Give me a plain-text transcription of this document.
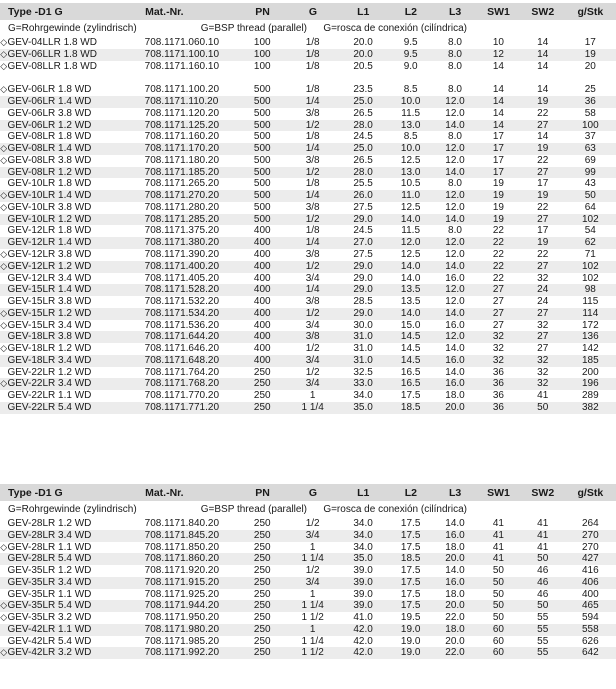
Type -D1 G	Mat.-Nr.	PN	G	L1	L2	L3	SW1	SW2	g/Stk
G=Rohrgewinde (zylindrisch)	G=BSP thread (parallel)	G=rosca de conexión (cilíndrica)
◇ GEV-04LLR 1.8 WD	708.1171.060.10	100	1/8	20.0	9.5	8.0	10	14	17
◇ GEV-06LLR 1.8 WD	708.1171.100.10	100	1/8	20.0	9.5	8.0	12	14	19
◇ GEV-08LLR 1.8 WD	708.1171.160.10	100	1/8	20.5	9.0	8.0	14	14	20
◇ GEV-06LR 1.8 WD	708.1171.100.20	500	1/8	23.5	8.5	8.0	14	14	25
GEV-06LR 1.4 WD	708.1171.110.20	500	1/4	25.0	10.0	12.0	14	19	36
GEV-06LR 3.8 WD	708.1171.120.20	500	3/8	26.5	11.5	12.0	14	22	58
GEV-06LR 1.2 WD	708.1171.125.20	500	1/2	28.0	13.0	14.0	14	27	100
GEV-08LR 1.8 WD	708.1171.160.20	500	1/8	24.5	8.5	8.0	17	14	37
◇ GEV-08LR 1.4 WD	708.1171.170.20	500	1/4	25.0	10.0	12.0	17	19	63
◇ GEV-08LR 3.8 WD	708.1171.180.20	500	3/8	26.5	12.5	12.0	17	22	69
GEV-08LR 1.2 WD	708.1171.185.20	500	1/2	28.0	13.0	14.0	17	27	99
GEV-10LR 1.8 WD	708.1171.265.20	500	1/8	25.5	10.5	8.0	19	17	43
◇ GEV-10LR 1.4 WD	708.1171.270.20	500	1/4	26.0	11.0	12.0	19	19	50
◇ GEV-10LR 3.8 WD	708.1171.280.20	500	3/8	27.5	12.5	12.0	19	22	64
GEV-10LR 1.2 WD	708.1171.285.20	500	1/2	29.0	14.0	14.0	19	27	102
GEV-12LR 1.8 WD	708.1171.375.20	400	1/8	24.5	11.5	8.0	22	17	54
GEV-12LR 1.4 WD	708.1171.380.20	400	1/4	27.0	12.0	12.0	22	19	62
◇ GEV-12LR 3.8 WD	708.1171.390.20	400	3/8	27.5	12.5	12.0	22	22	71
◇ GEV-12LR 1.2 WD	708.1171.400.20	400	1/2	29.0	14.0	14.0	22	27	102
GEV-12LR 3.4 WD	708.1171.405.20	400	3/4	29.0	14.0	16.0	22	32	102
GEV-15LR 1.4 WD	708.1171.528.20	400	1/4	29.0	13.5	12.0	27	24	98
GEV-15LR 3.8 WD	708.1171.532.20	400	3/8	28.5	13.5	12.0	27	24	115
◇ GEV-15LR 1.2 WD	708.1171.534.20	400	1/2	29.0	14.0	14.0	27	27	114
◇ GEV-15LR 3.4 WD	708.1171.536.20	400	3/4	30.0	15.0	16.0	27	32	172
GEV-18LR 3.8 WD	708.1171.644.20	400	3/8	31.0	14.5	12.0	32	27	136
◇ GEV-18LR 1.2 WD	708.1171.646.20	400	1/2	31.0	14.5	14.0	32	27	142
GEV-18LR 3.4 WD	708.1171.648.20	400	3/4	31.0	14.5	16.0	32	32	185
GEV-22LR 1.2 WD	708.1171.764.20	250	1/2	32.5	16.5	14.0	36	32	200
◇ GEV-22LR 3.4 WD	708.1171.768.20	250	3/4	33.0	16.5	16.0	36	32	196
GEV-22LR 1.1 WD	708.1171.770.20	250	1	34.0	17.5	18.0	36	41	289
GEV-22LR 5.4 WD	708.1171.771.20	250	1 1/4	35.0	18.5	20.0	36	50	382
Type -D1 G	Mat.-Nr.	PN	G	L1	L2	L3	SW1	SW2	g/Stk
G=Rohrgewinde (zylindrisch)	G=BSP thread (parallel)	G=rosca de conexión (cilíndrica)
GEV-28LR 1.2 WD	708.1171.840.20	250	1/2	34.0	17.5	14.0	41	41	264
GEV-28LR 3.4 WD	708.1171.845.20	250	3/4	34.0	17.5	16.0	41	41	270
◇ GEV-28LR 1.1 WD	708.1171.850.20	250	1	34.0	17.5	18.0	41	41	270
GEV-28LR 5.4 WD	708.1171.860.20	250	1 1/4	35.0	18.5	20.0	41	50	427
GEV-35LR 1.2 WD	708.1171.920.20	250	1/2	39.0	17.5	14.0	50	46	416
GEV-35LR 3.4 WD	708.1171.915.20	250	3/4	39.0	17.5	16.0	50	46	406
GEV-35LR 1.1 WD	708.1171.925.20	250	1	39.0	17.5	18.0	50	46	400
◇ GEV-35LR 5.4 WD	708.1171.944.20	250	1 1/4	39.0	17.5	20.0	50	50	465
◇ GEV-35LR 3.2 WD	708.1171.950.20	250	1 1/2	41.0	19.5	22.0	50	55	594
GEV-42LR 1.1 WD	708.1171.980.20	250	1	42.0	19.0	18.0	60	55	558
GEV-42LR 5.4 WD	708.1171.985.20	250	1 1/4	42.0	19.0	20.0	60	55	626
◇ GEV-42LR 3.2 WD	708.1171.992.20	250	1 1/2	42.0	19.0	22.0	60	55	642
